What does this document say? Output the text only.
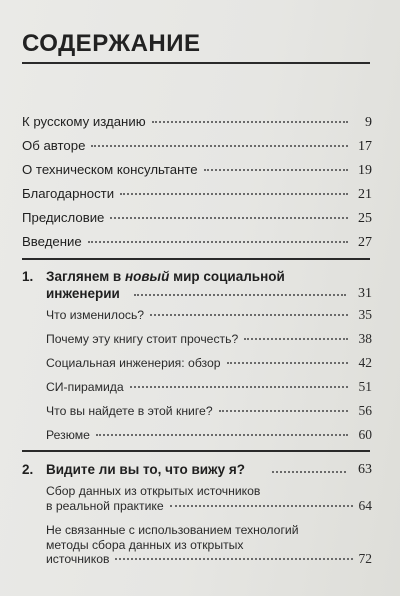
СОДЕРЖАНИЕ
К русскому изданию	9
Об авторе	17
О техническом консультанте	19
Благодарности	21
Предисловие	25
Введение	27
1. Заглянем в новый мир социальной
инженерии	31
Что изменилось?	35
Почему эту книгу стоит прочесть?	38
Социальная инженерия: обзор	42
СИ-пирамида	51
Что вы найдете в этой книге?	56
Резюме	60
2. Видите ли вы то, что вижу я?	63
Сбор данных из открытых источников
в реальной практике	64
Не связанные с использованием технологий
методы сбора данных из открытых
источников	72
